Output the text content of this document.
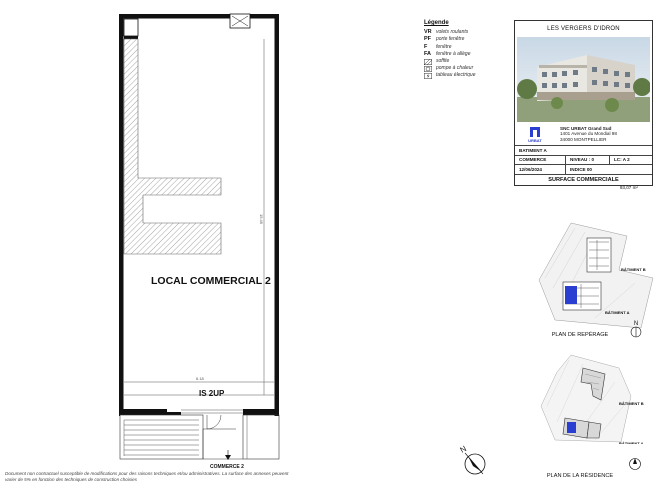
15.49
6.18
LOCAL COMMERCIAL 2
IS 2UP
COMMERCE 2
Légende
VR volets roulants
PF porte fenêtre
F	fenêtre
FA fenêtre à allège
soffite
pompe à chaleur
tableau électrique
LES VERGERS D'IDRON
URBAT
SNC URBAT Grand Sud
1401 Avenue du Mondial 98
34000 MONTPELLIER
BATIMENT A
COMMERCE	NIVEAU : 0	LC: A 2
12/06/2024	INDICE 00
SURFACE COMMERCIALE
93,07 m²
BÂTIMENT B
BÂTIMENT A
N
PLAN DE REPÉRAGE
BÂTIMENT B
BÂTIMENT A
PLAN DE LA RÉSIDENCE
N
Document non contractuel susceptible de modifications pour des raisons techniques et/ou administratives. La surface des annexes peuvent varier de 5% en fonction des techniques de construction choisies
